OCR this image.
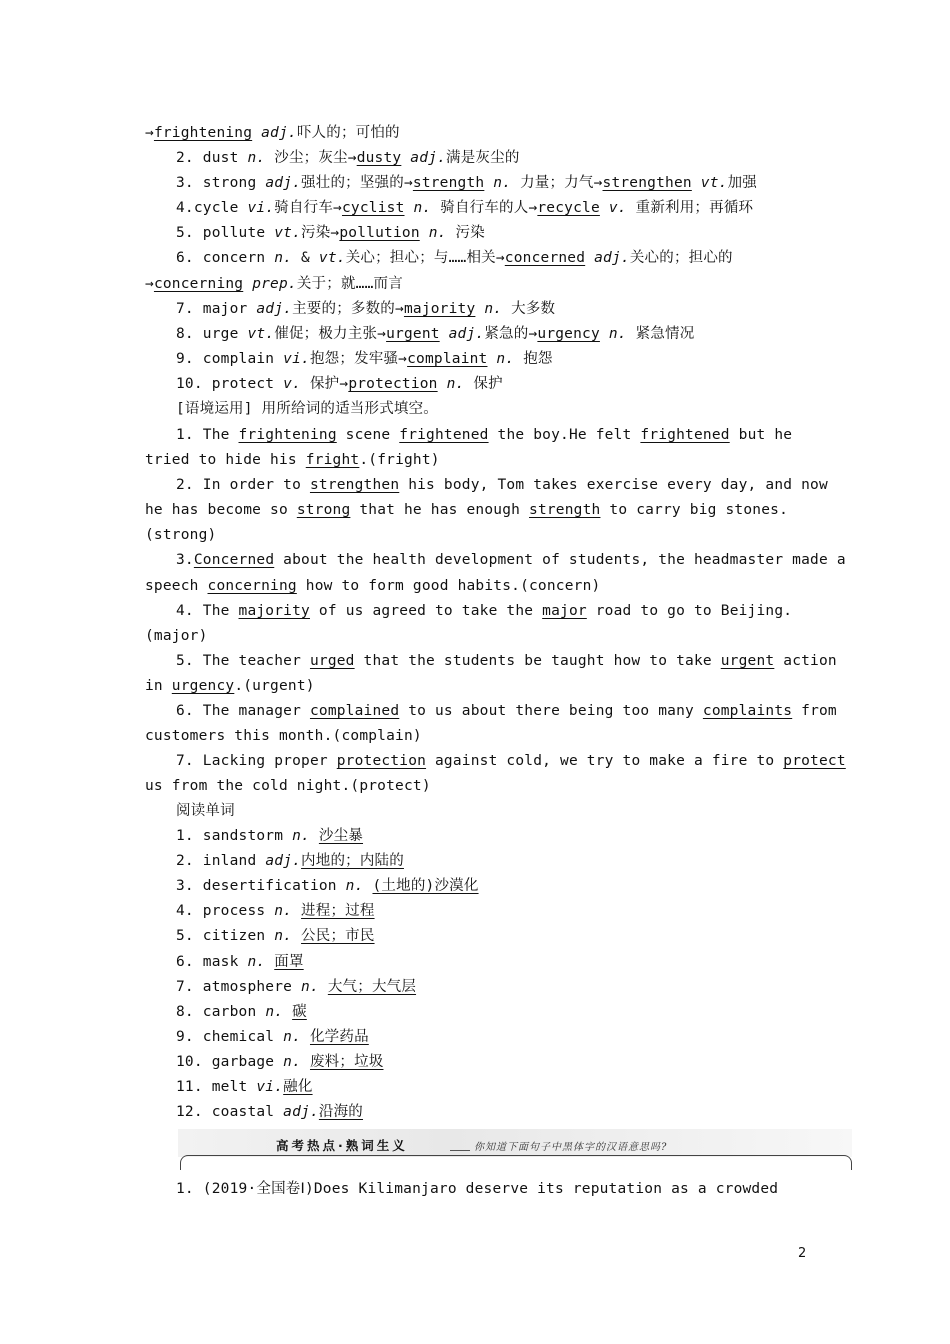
→frightening adj.吓人的；可怕的
2. dust n. 沙尘；灰尘→dusty adj.满是灰尘的
3. strong adj.强壮的；坚强的→strength n. 力量；力气→strengthen vt.加强
4.cycle vi.骑自行车→cyclist n. 骑自行车的人→recycle v. 重新利用；再循环
5. pollute vt.污染→pollution n. 污染
6. concern n. & vt.关心；担心；与……相关→concerned adj.关心的；担心的
→concerning prep.关于；就……而言
7. major adj.主要的；多数的→majority n. 大多数
8. urge vt.催促；极力主张→urgent adj.紧急的→urgency n. 紧急情况
9. complain vi.抱怨；发牢骚→complaint n. 抱怨
10. protect v. 保护→protection n. 保护
[语境运用] 用所给词的适当形式填空。
1. The frightening scene frightened the boy.He felt frightened but he
tried to hide his fright.(fright)
2. In order to strengthen his body, Tom takes exercise every day, and now
he has become so strong that he has enough strength to carry big stones.
(strong)
3.Concerned about the health development of students, the headmaster made a
speech concerning how to form good habits.(concern)
4. The majority of us agreed to take the major road to go to Beijing.
(major)
5. The teacher urged that the students be taught how to take urgent action
in urgency.(urgent)
6. The manager complained to us about there being too many complaints from
customers this month.(complain)
7. Lacking proper protection against cold, we try to make a fire to protect
us from the cold night.(protect)
阅读单词
1. sandstorm n. 沙尘暴
2. inland adj.内地的；内陆的
3. desertification n. (土地的)沙漠化
4. process n. 进程；过程
5. citizen n. 公民；市民
6. mask n. 面罩
7. atmosphere n. 大气；大气层
8. carbon n. 碳
9. chemical n. 化学药品
10. garbage n. 废料；垃圾
11. melt vi.融化
12. coastal adj.沿海的
高考热点·熟词生义	你知道下面句子中黑体字的汉语意思吗?
1. (2019·全国卷Ⅰ)Does Kilimanjaro deserve its reputation as a crowded
2
